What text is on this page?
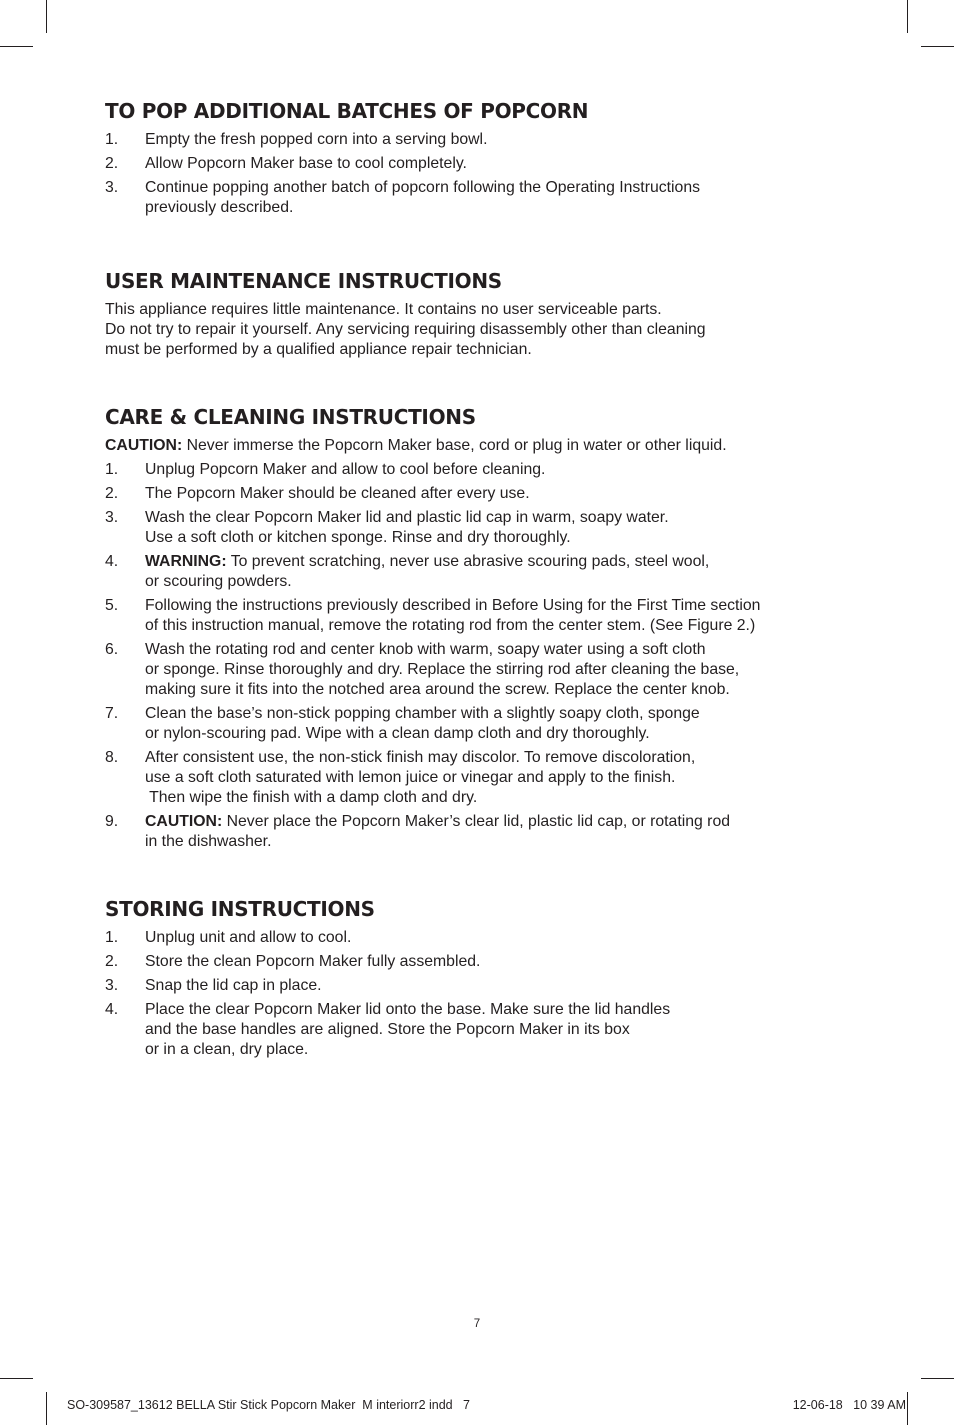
TO POP ADDITIONAL BATCHES OF POPCORN
1. Empty the fresh popped corn into a serving bowl.
2. Allow Popcorn Maker base to cool completely.
3. Continue popping another batch of popcorn following the Operating Instructions
previously described.
USER MAINTENANCE INSTRUCTIONS

This appliance requires little maintenance. It contains no user serviceable parts.
Do not try to repair it yourself. Any servicing requiring disassembly other than cleaning
must be performed by a qualified appliance repair technician.

CARE & CLEANING INSTRUCTIONS

CAUTION: Never immerse the Popcorn Maker base, cord or plug in water or other liquid.

1. Unplug Popcorn Maker and allow to cool before cleaning.
2. The Popcorn Maker should be cleaned after every use.
3. Wash the clear Popcorn Maker lid and plastic lid cap in warm, soapy water.
Use a soft cloth or kitchen sponge. Rinse and dry thoroughly.
4. WARNING: To prevent scratching, never use abrasive scouring pads, steel wool,
or scouring powders.
5. Following the instructions previously described in Before Using for the First Time section
of this instruction manual, remove the rotating rod from the center stem. (See Figure 2.)
6. Wash the rotating rod and center knob with warm, soapy water using a soft cloth
or sponge. Rinse thoroughly and dry. Replace the stirring rod after cleaning the base,
making sure it fits into the notched area around the screw. Replace the center knob.
7. Clean the base’s non-stick popping chamber with a slightly soapy cloth, sponge
or nylon-scouring pad. Wipe with a clean damp cloth and dry thoroughly.
8. After consistent use, the non-stick finish may discolor. To remove discoloration,
use a soft cloth saturated with lemon juice or vinegar and apply to the finish.
Then wipe the finish with a damp cloth and dry.
9. CAUTION: Never place the Popcorn Maker’s clear lid, plastic lid cap, or rotating rod
in the dishwasher.
STORING INSTRUCTIONS
1. Unplug unit and allow to cool.
2. Store the clean Popcorn Maker fully assembled.
3. Snap the lid cap in place.
4. Place the clear Popcorn Maker lid onto the base. Make sure the lid handles
and the base handles are aligned. Store the Popcorn Maker in its box
or in a clean, dry place.
7
SO-309587_13612 BELLA Stir Stick Popcorn Maker  M interiorr2 indd   7	12-06-18   10 39 AM
